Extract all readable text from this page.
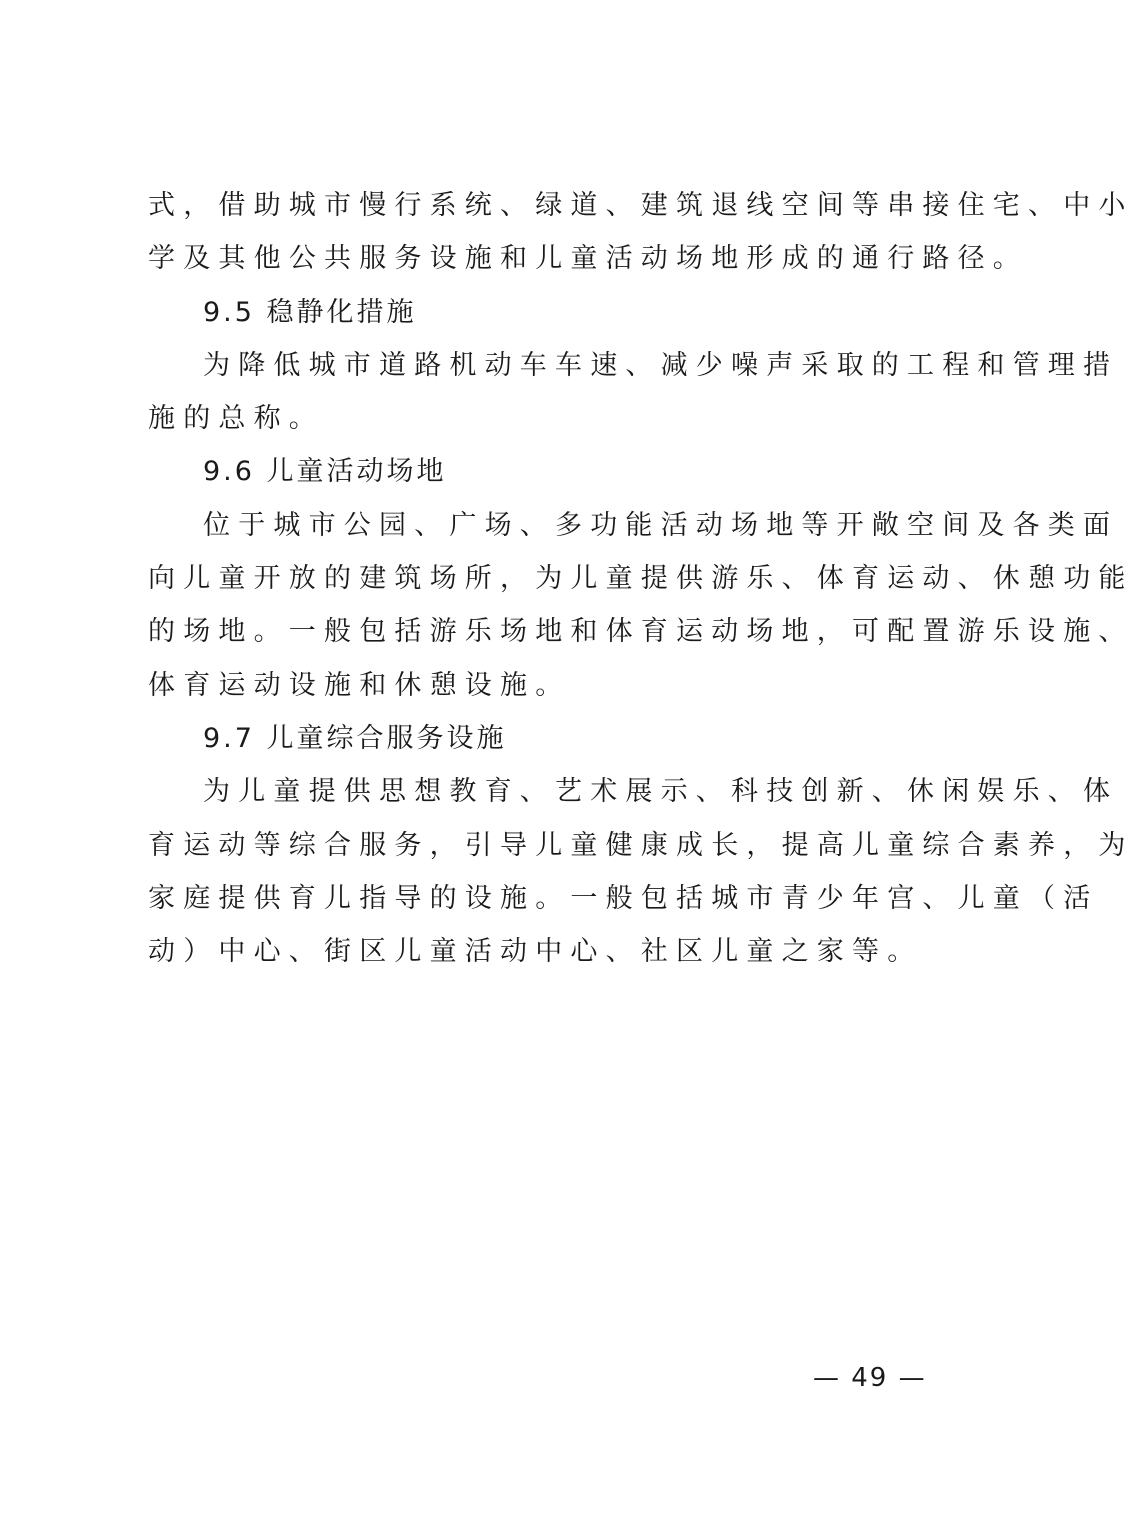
式，借助城市慢行系统、绿道、建筑退线空间等串接住宅、中小
学及其他公共服务设施和儿童活动场地形成的通行路径。
9.5 稳静化措施
为降低城市道路机动车车速、减少噪声采取的工程和管理措
施的总称。
9.6 儿童活动场地
位于城市公园、广场、多功能活动场地等开敞空间及各类面
向儿童开放的建筑场所，为儿童提供游乐、体育运动、休憩功能
的场地。一般包括游乐场地和体育运动场地，可配置游乐设施、
体育运动设施和休憩设施。
9.7 儿童综合服务设施
为儿童提供思想教育、艺术展示、科技创新、休闲娱乐、体
育运动等综合服务，引导儿童健康成长，提高儿童综合素养，为
家庭提供育儿指导的设施。一般包括城市青少年宫、儿童（活
动）中心、街区儿童活动中心、社区儿童之家等。
— 49 —
